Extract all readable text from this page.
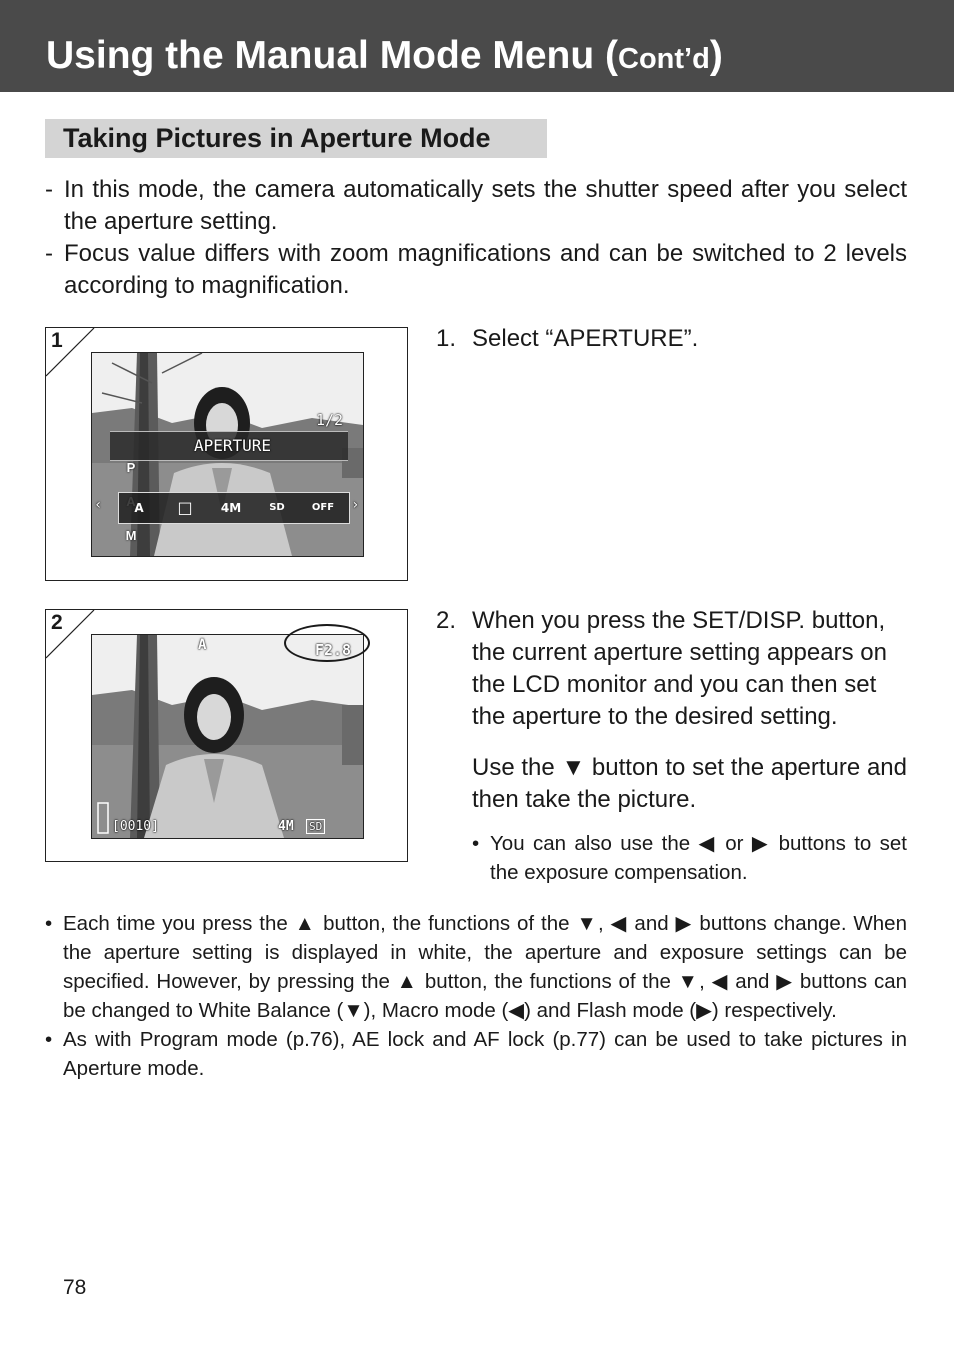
Using the Manual Mode Menu (Cont’d)
Taking Pictures in Aperture Mode
- In this mode, the camera automatically sets the shutter speed after you select the aperture setting.
- Focus value differs with zoom magnifications and can be switched to 2 levels according to magnification.
1
1/2
APERTURE
P
M
A	□	4M	SD	OFF
‹	›
2
A	F2.8
[0010]	4M SD
1. Select “APERTURE”.
2. When you press the SET/DISP. button, the current aperture setting appears on the LCD monitor and you can then set the aperture to the desired setting.

Use the ▼ button to set the aperture and then take the picture.

• You can also use the ◀ or ▶ buttons to set the exposure compensation.
• Each time you press the ▲ button, the functions of the ▼, ◀ and ▶ buttons change. When the aperture setting is displayed in white, the aperture and exposure settings can be specified. However, by pressing the ▲ button, the functions of the ▼, ◀ and ▶ buttons can be changed to White Balance (▼), Macro mode (◀) and Flash mode (▶) respectively.
• As with Program mode (p.76), AE lock and AF lock (p.77) can be used to take pictures in Aperture mode.
78
